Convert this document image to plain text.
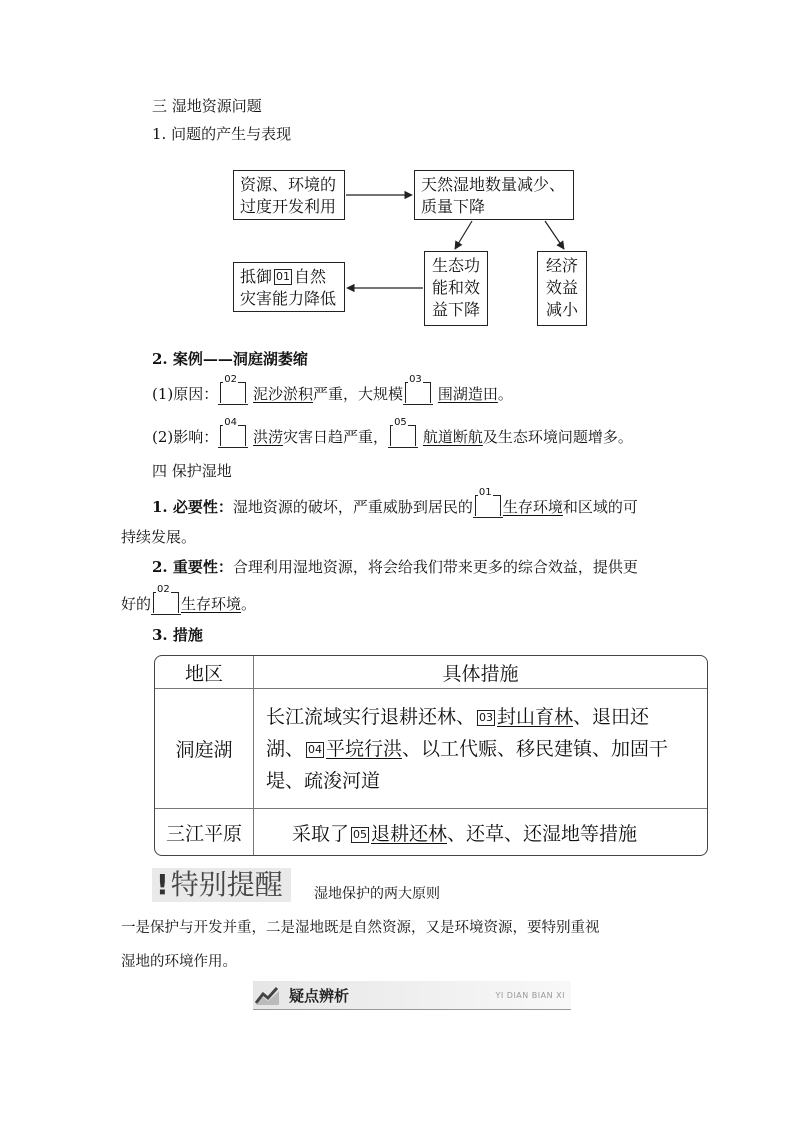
三 湿地资源问题
1. 问题的产生与表现
资源、环境的过度开发利用
天然湿地数量减少、质量下降
生态功能和效益下降
经济效益减小
抵御 01 自然灾害能力降低
2. 案例——洞庭湖萎缩
(1)原因：
02
泥沙淤积严重，大规模
03
围湖造田。
(2)影响：
04
洪涝灾害日趋严重，
05
航道断航及生态环境问题增多。
四 保护湿地
1. 必要性：湿地资源的破坏，严重威胁到居民的
01
生存环境和区域的可
持续发展。
2. 重要性：合理利用湿地资源，将会给我们带来更多的综合效益，提供更
好的
02
生存环境。
3. 措施
地区	具体措施
洞庭湖	长江流域实行退耕还林、 03 封山育林、退田还
湖、 04 平垸行洪、以工代赈、移民建镇、加固干
堤、疏浚河道
三江平原	采取了 05 退耕还林、还草、还湿地等措施
!特别提醒	湿地保护的两大原则
一是保护与开发并重，二是湿地既是自然资源，又是环境资源，要特别重视
湿地的环境作用。
疑点辨析	YI DIAN BIAN XI
